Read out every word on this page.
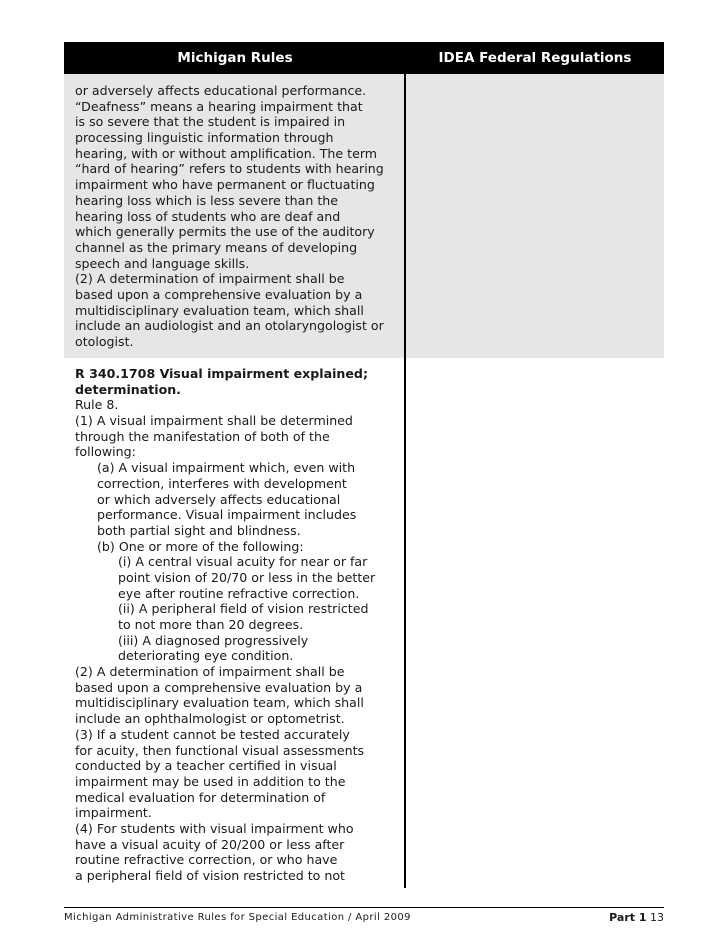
Michigan Rules	IDEA Federal Regulations
or adversely affects educational performance.
“Deafness” means a hearing impairment that
is so severe that the student is impaired in
processing linguistic information through
hearing, with or without amplification. The term
“hard of hearing” refers to students with hearing
impairment who have permanent or fluctuating
hearing loss which is less severe than the
hearing loss of students who are deaf and
which generally permits the use of the auditory
channel as the primary means of developing
speech and language skills.
(2) A determination of impairment shall be
based upon a comprehensive evaluation by a
multidisciplinary evaluation team, which shall
include an audiologist and an otolaryngologist or
otologist.
R 340.1708 Visual impairment explained;
determination.
Rule 8.
(1) A visual impairment shall be determined
through the manifestation of both of the
following:
(a) A visual impairment which, even with
correction, interferes with development
or which adversely affects educational
performance. Visual impairment includes
both partial sight and blindness.
(b) One or more of the following:
(i) A central visual acuity for near or far
point vision of 20/70 or less in the better
eye after routine refractive correction.
(ii) A peripheral field of vision restricted
to not more than 20 degrees.
(iii) A diagnosed progressively
deteriorating eye condition.
(2) A determination of impairment shall be
based upon a comprehensive evaluation by a
multidisciplinary evaluation team, which shall
include an ophthalmologist or optometrist.
(3) If a student cannot be tested accurately
for acuity, then functional visual assessments
conducted by a teacher certified in visual
impairment may be used in addition to the
medical evaluation for determination of
impairment.
(4) For students with visual impairment who
have a visual acuity of 20/200 or less after
routine refractive correction, or who have
a peripheral field of vision restricted to not
Michigan Administrative Rules for Special Education / April 2009	Part 1 13
